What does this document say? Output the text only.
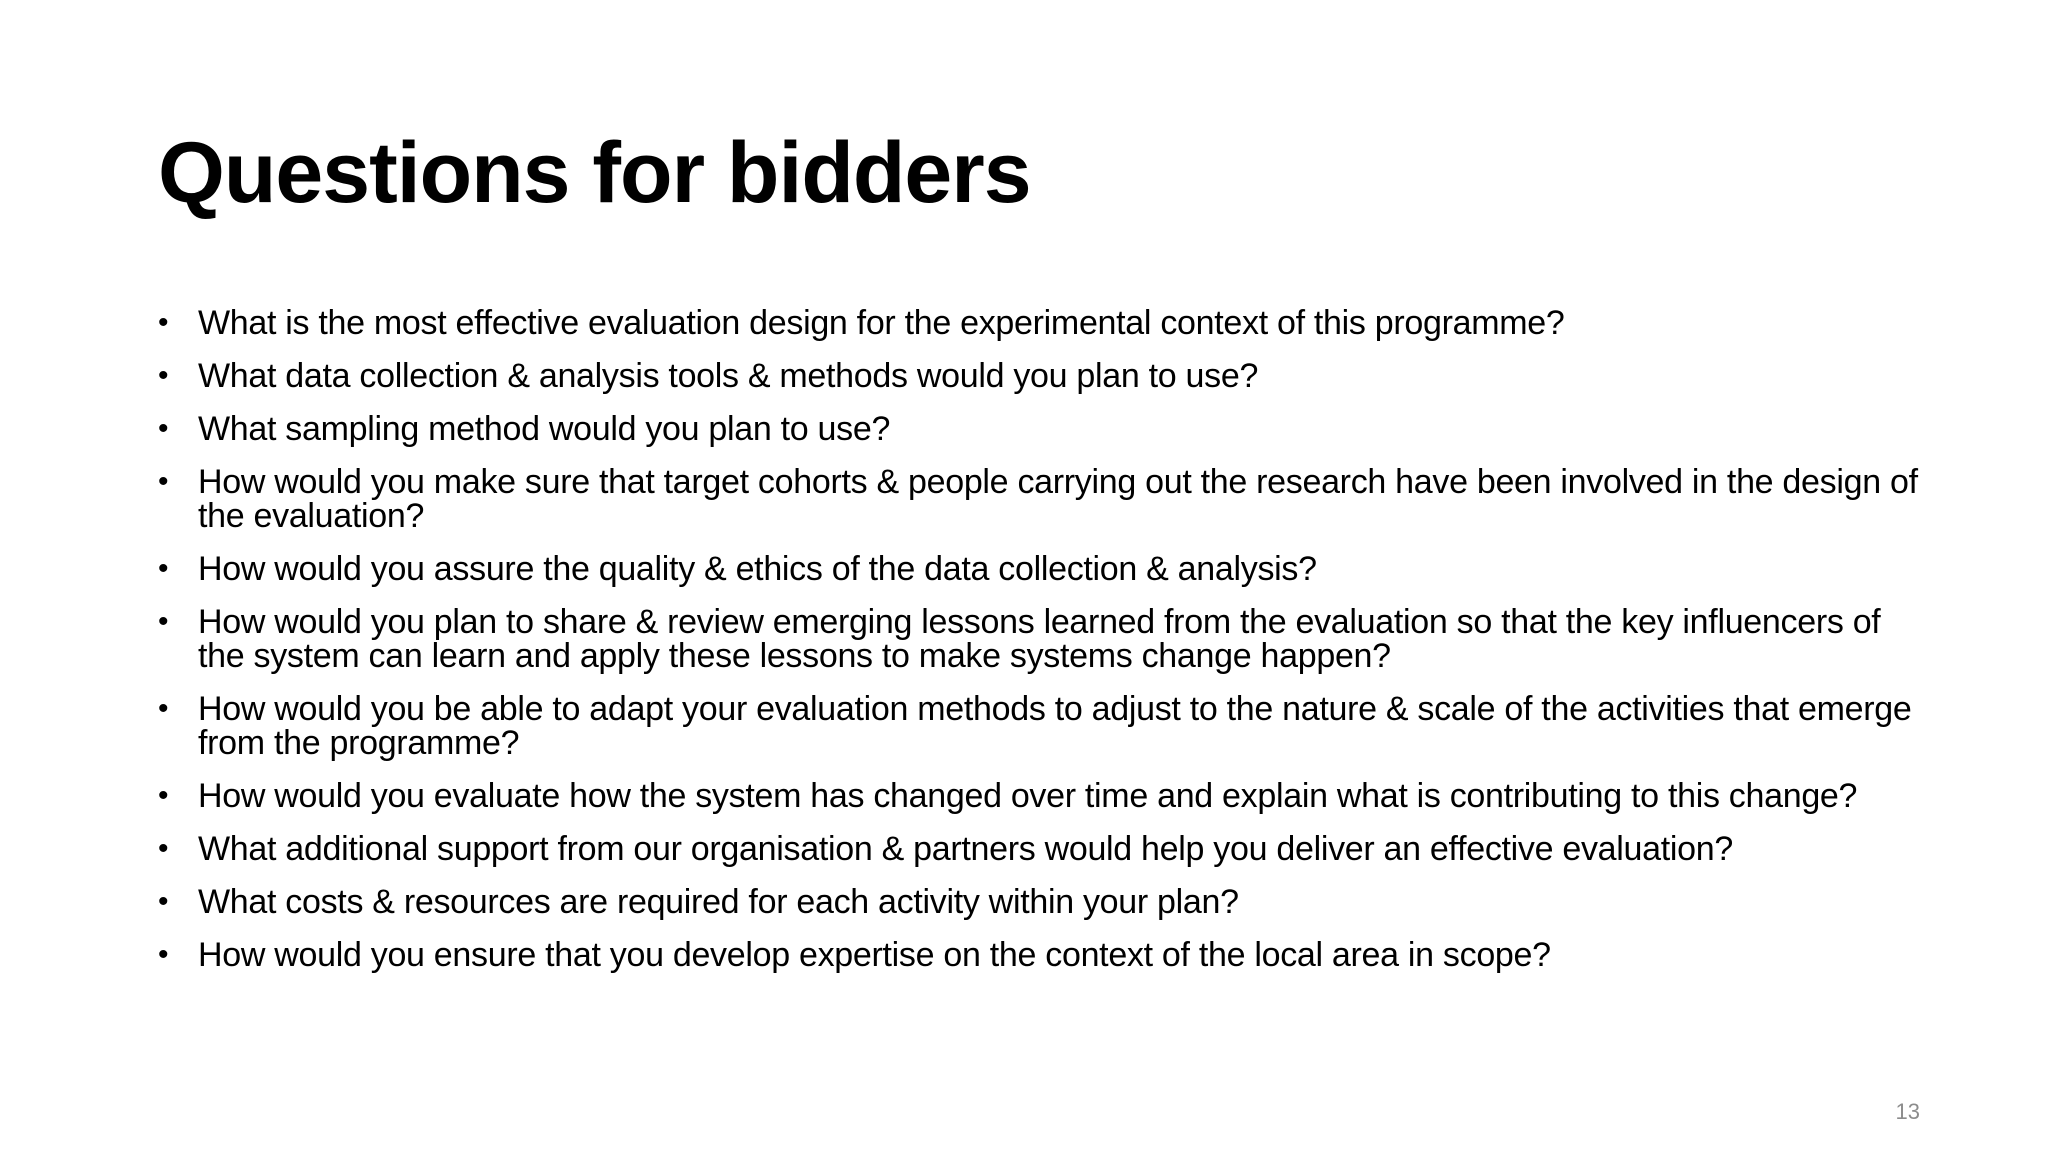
Questions for bidders
• What is the most effective evaluation design for the experimental context of this programme?
• What data collection & analysis tools & methods would you plan to use?
• What sampling method would you plan to use?
• How would you make sure that target cohorts & people carrying out the research have been involved in the design of the evaluation?
• How would you assure the quality & ethics of the data collection & analysis?
• How would you plan to share & review emerging lessons learned from the evaluation so that the key influencers of the system can learn and apply these lessons to make systems change happen?
• How would you be able to adapt your evaluation methods to adjust to the nature & scale of the activities that emerge from the programme?
• How would you evaluate how the system has changed over time and explain what is contributing to this change?
• What additional support from our organisation & partners would help you deliver an effective evaluation?
• What costs & resources are required for each activity within your plan?
• How would you ensure that you develop expertise on the context of the local area in scope?
13
